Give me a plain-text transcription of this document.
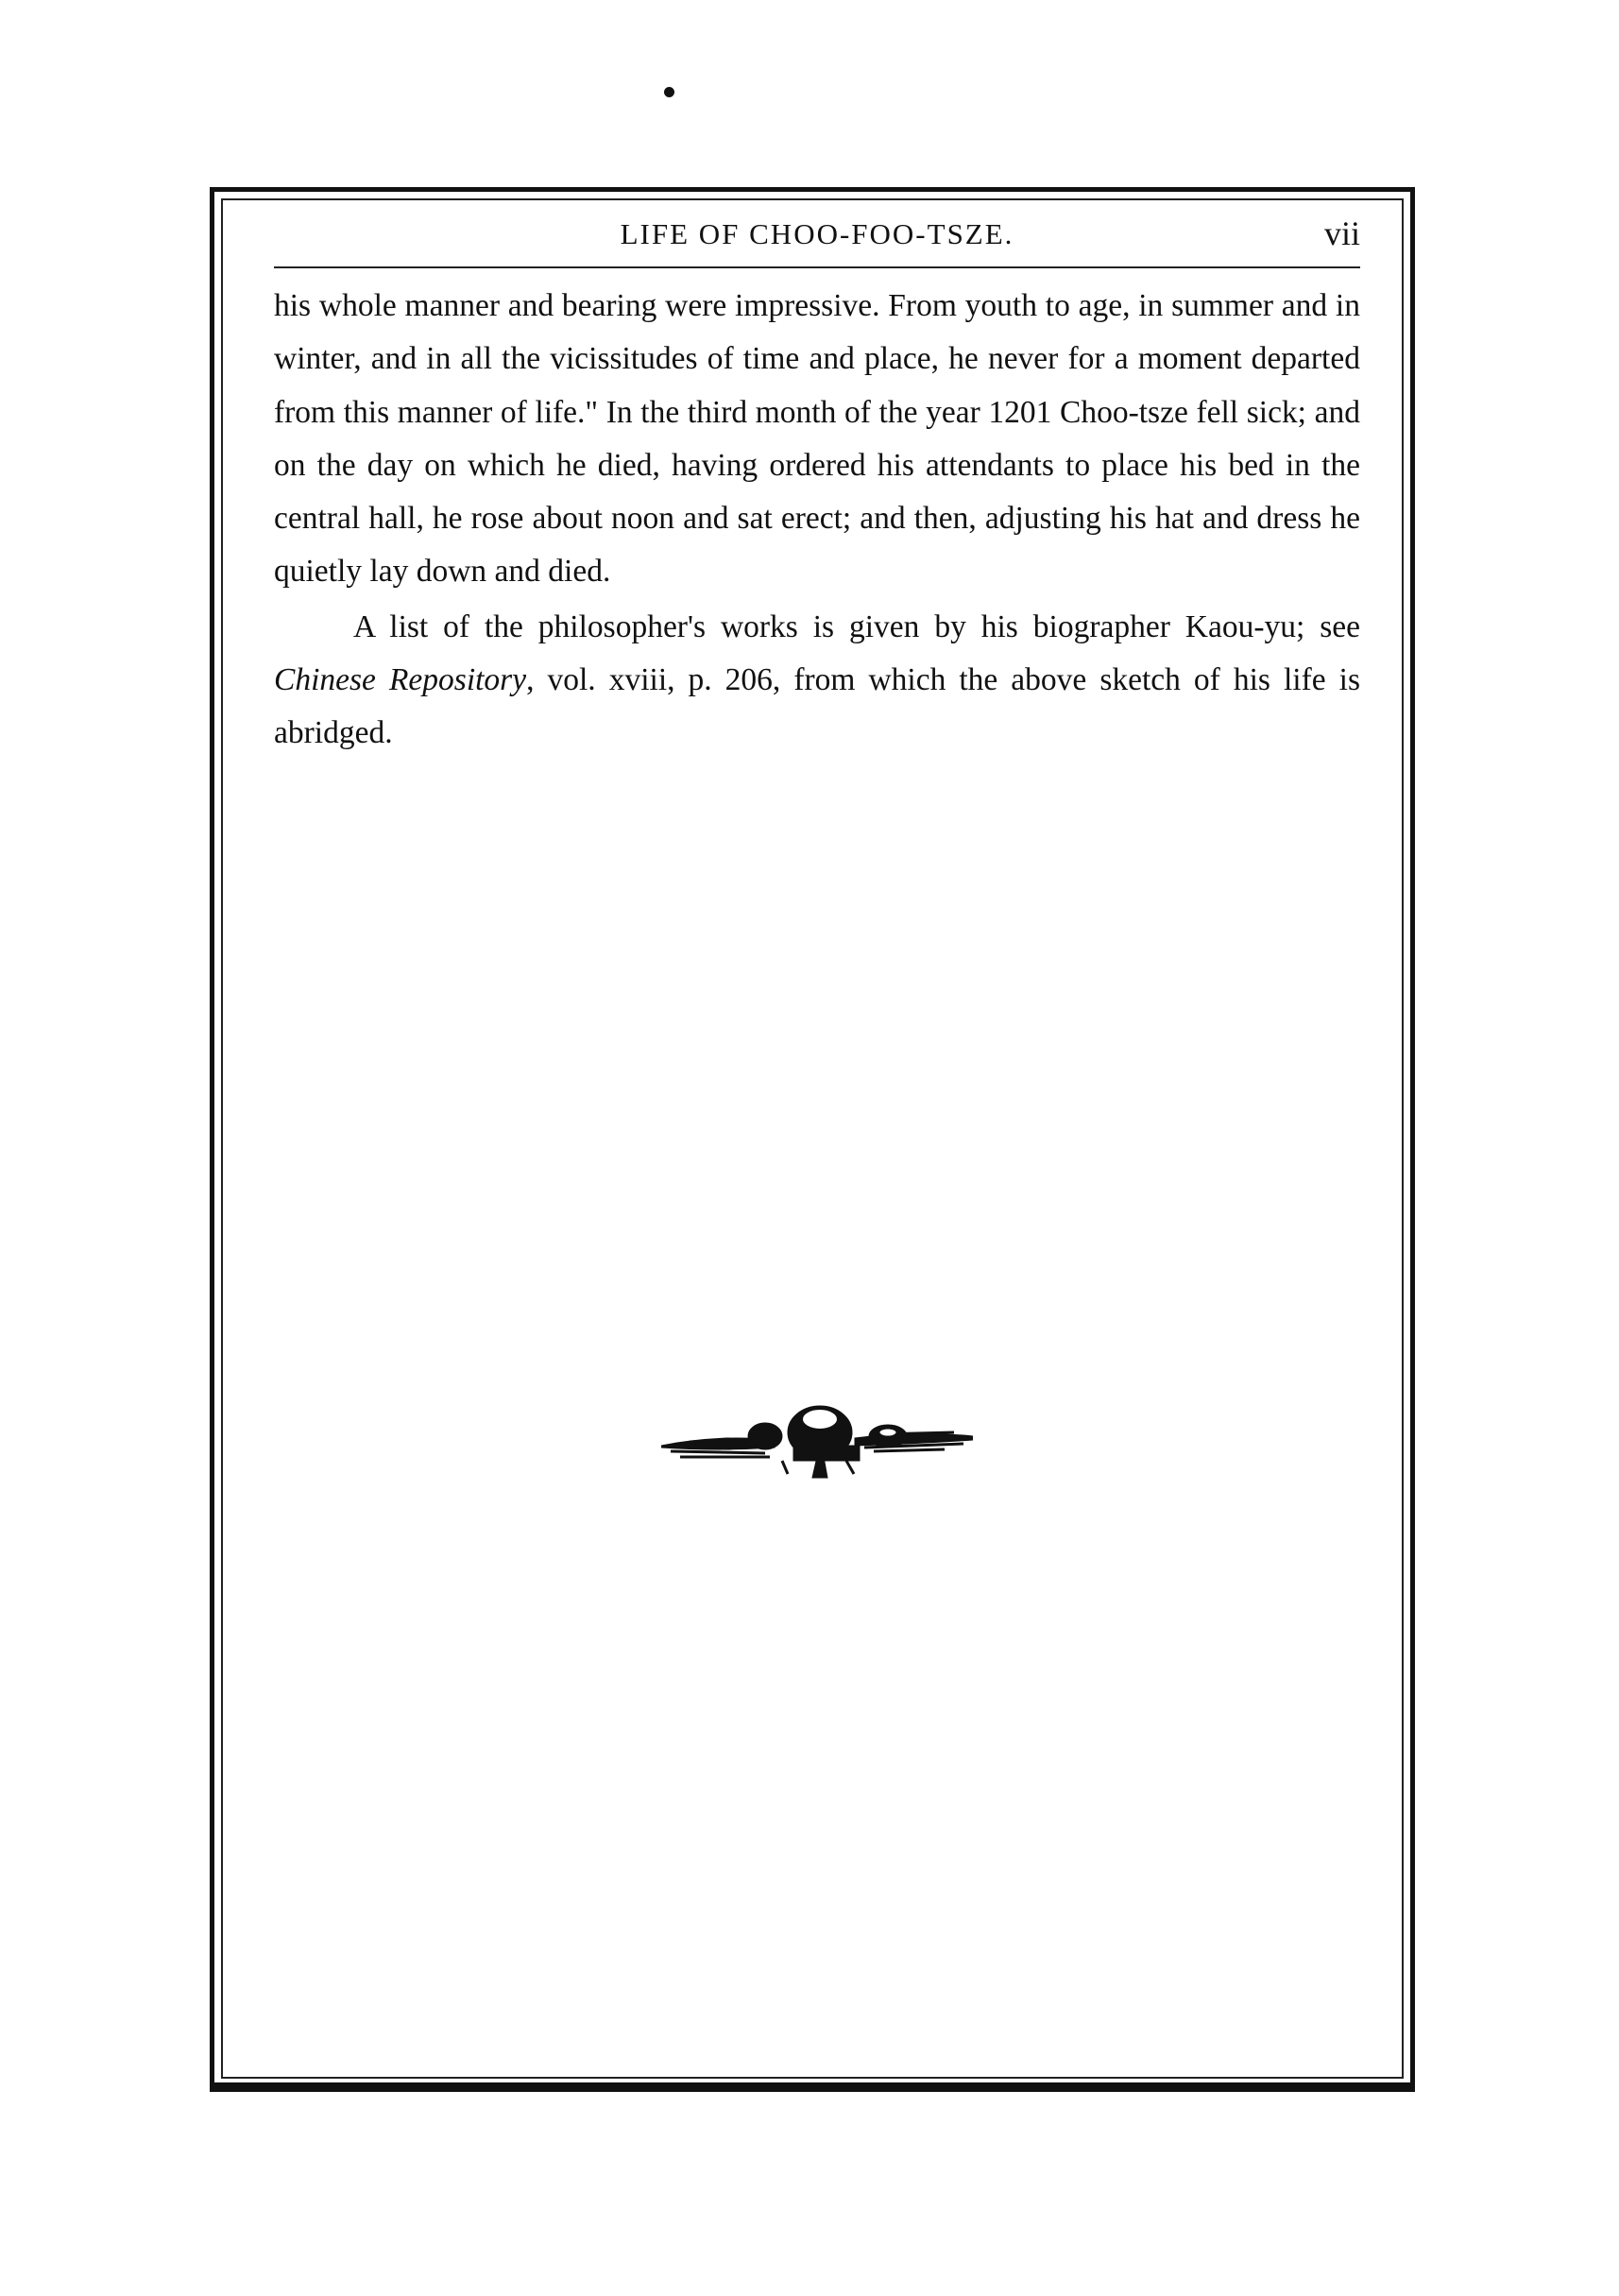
LIFE OF CHOO-FOO-TSZE.	vii

his whole manner and bearing were impressive. From youth to age, in summer and in winter, and in all the vicissitudes of time and place, he never for a moment departed from this manner of life." In the third month of the year 1201 Choo-tsze fell sick; and on the day on which he died, having ordered his attendants to place his bed in the central hall, he rose about noon and sat erect; and then, adjusting his hat and dress he quietly lay down and died.

A list of the philosopher's works is given by his biographer Kaou-yu; see Chinese Repository, vol. xviii, p. 206, from which the above sketch of his life is abridged.
